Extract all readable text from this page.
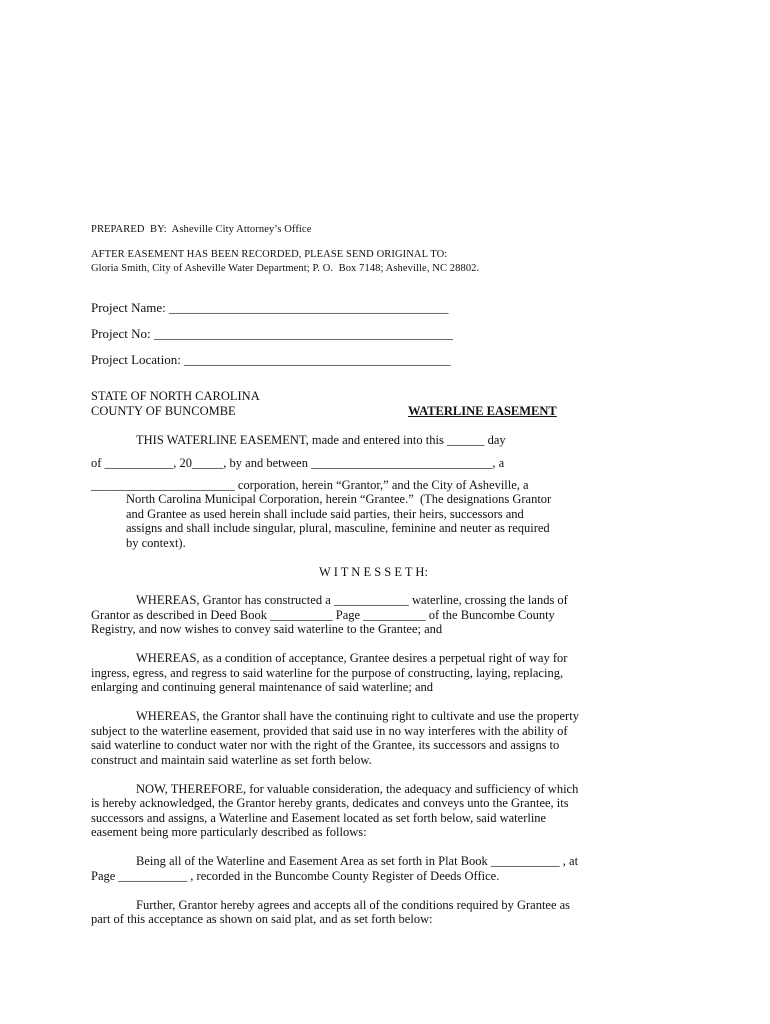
PREPARED  BY:  Asheville City Attorney’s Office
AFTER EASEMENT HAS BEEN RECORDED, PLEASE SEND ORIGINAL TO:
Gloria Smith, City of Asheville Water Department; P. O.  Box 7148; Asheville, NC 28802.
Project Name: ___________________________________________
Project No: ______________________________________________
Project Location: _________________________________________
STATE OF NORTH CAROLINA
COUNTY OF BUNCOMBE	WATERLINE EASEMENT
THIS WATERLINE EASEMENT, made and entered into this ______ day
of ___________, 20_____, by and between _____________________________, a
_______________________ corporation, herein “Grantor,” and the City of Asheville, a
North Carolina Municipal Corporation, herein “Grantee.”  (The designations Grantor
and Grantee as used herein shall include said parties, their heirs, successors and
assigns and shall include singular, plural, masculine, feminine and neuter as required
by context).
W I T N E S S E T H:
WHEREAS, Grantor has constructed a ____________ waterline, crossing the lands of
Grantor as described in Deed Book __________ Page __________ of the Buncombe County
Registry, and now wishes to convey said waterline to the Grantee; and
WHEREAS, as a condition of acceptance, Grantee desires a perpetual right of way for
ingress, egress, and regress to said waterline for the purpose of constructing, laying, replacing,
enlarging and continuing general maintenance of said waterline; and
WHEREAS, the Grantor shall have the continuing right to cultivate and use the property
subject to the waterline easement, provided that said use in no way interferes with the ability of
said waterline to conduct water nor with the right of the Grantee, its successors and assigns to
construct and maintain said waterline as set forth below.
NOW, THEREFORE, for valuable consideration, the adequacy and sufficiency of which
is hereby acknowledged, the Grantor hereby grants, dedicates and conveys unto the Grantee, its
successors and assigns, a Waterline and Easement located as set forth below, said waterline
easement being more particularly described as follows:
Being all of the Waterline and Easement Area as set forth in Plat Book ___________ , at
Page ___________ , recorded in the Buncombe County Register of Deeds Office.
Further, Grantor hereby agrees and accepts all of the conditions required by Grantee as
part of this acceptance as shown on said plat, and as set forth below:
